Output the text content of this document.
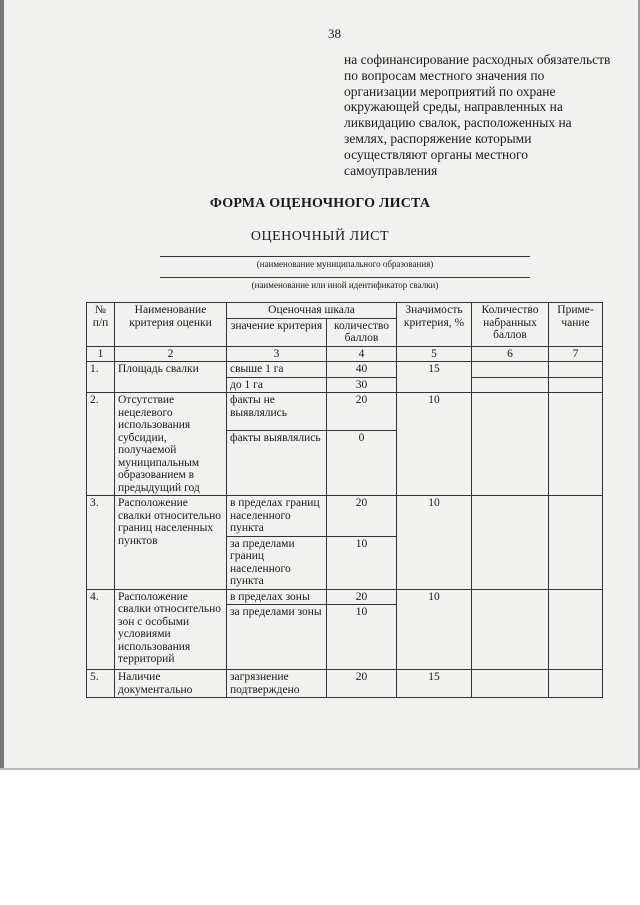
38
на софинансирование расходных обязательств по вопросам местного значения по организации мероприятий по охране окружающей среды, направленных на ликвидацию свалок, расположенных на землях, распоряжение которыми осуществляют органы местного самоуправления
ФОРМА ОЦЕНОЧНОГО ЛИСТА
ОЦЕНОЧНЫЙ ЛИСТ
(наименование муниципального образования)
(наименование или иной идентификатор свалки)
№ п/п	Наименование критерия оценки	Оценочная шкала		Значимость критерия, %	Количество набранных баллов	Приме-чание
		значение критерия	количество баллов			
1	2	3	4	5	6	7
1.	Площадь свалки	свыше 1 га	40	15		
		до 1 га	30			
2.	Отсутствие нецелевого использования субсидии, получаемой муниципальным образованием в предыдущий год	факты не выявлялись	20	10		
		факты выявлялись	0			
3.	Расположение свалки относительно границ населенных пунктов	в пределах границ населенного пункта	20	10		
		за пределами границ населенного пункта	10			
4.	Расположение свалки относительно зон с особыми условиями использования территорий	в пределах зоны	20	10		
		за пределами зоны	10			
5.	Наличие документально	загрязнение подтверждено	20	15		
